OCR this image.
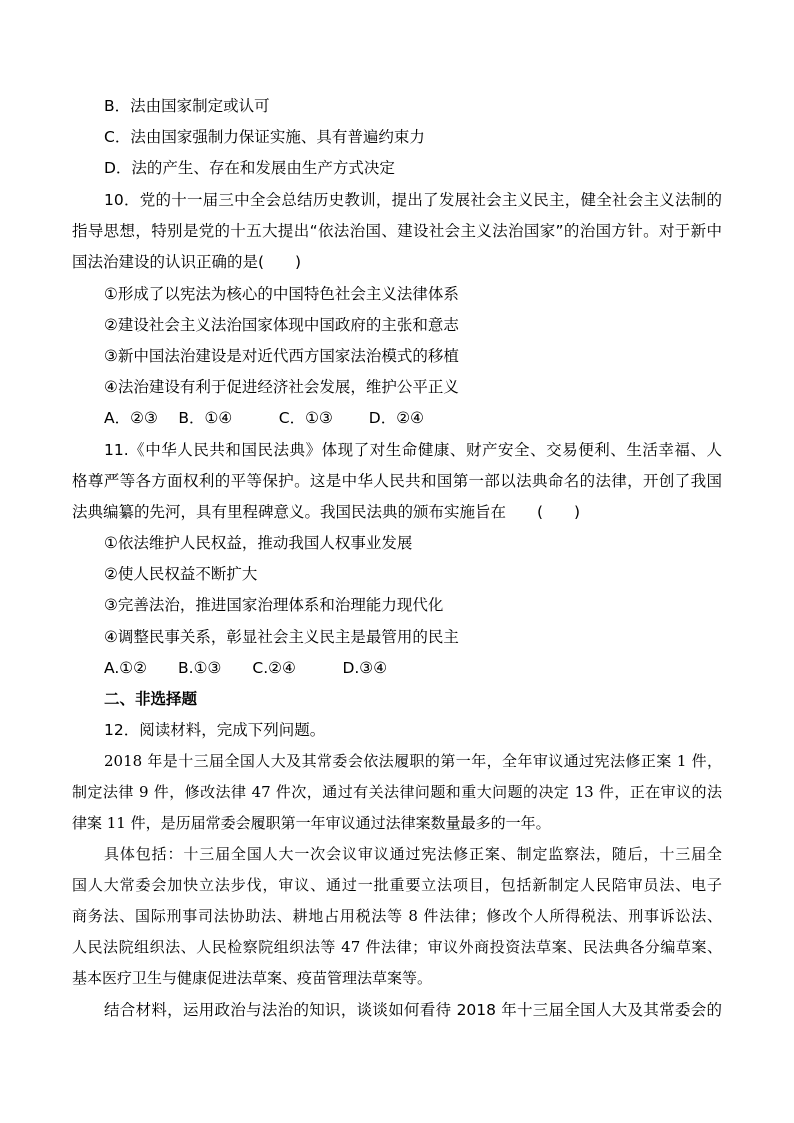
B．法由国家制定或认可
C．法由国家强制力保证实施、具有普遍约束力
D．法的产生、存在和发展由生产方式决定
10．党的十一届三中全会总结历史教训，提出了发展社会主义民主，健全社会主义法制的
指导思想，特别是党的十五大提出“依法治国、建设社会主义法治国家”的治国方针。对于新中
国法治建设的认识正确的是(　　)
①形成了以宪法为核心的中国特色社会主义法律体系
②建设社会主义法治国家体现中国政府的主张和意志
③新中国法治建设是对近代西方国家法治模式的移植
④法治建设有利于促进经济社会发展，维护公平正义
A．②③　 B．①④　　　C．①③　　 D．②④
11.《中华人民共和国民法典》体现了对生命健康、财产安全、交易便利、生活幸福、人
格尊严等各方面权利的平等保护。这是中华人民共和国第一部以法典命名的法律，开创了我国
法典编纂的先河，具有里程碑意义。我国民法典的颁布实施旨在　　(　　)
①依法维护人民权益，推动我国人权事业发展
②使人民权益不断扩大
③完善法治，推进国家治理体系和治理能力现代化
④调整民事关系，彰显社会主义民主是最管用的民主
A.①②　　B.①③　　C.②④　　　D.③④
二、非选择题
12．阅读材料，完成下列问题。
2018 年是十三届全国人大及其常委会依法履职的第一年，全年审议通过宪法修正案 1 件，
制定法律 9 件，修改法律 47 件次，通过有关法律问题和重大问题的决定 13 件，正在审议的法
律案 11 件，是历届常委会履职第一年审议通过法律案数量最多的一年。
具体包括：十三届全国人大一次会议审议通过宪法修正案、制定监察法，随后，十三届全
国人大常委会加快立法步伐，审议、通过一批重要立法项目，包括新制定人民陪审员法、电子
商务法、国际刑事司法协助法、耕地占用税法等 8 件法律；修改个人所得税法、刑事诉讼法、
人民法院组织法、人民检察院组织法等 47 件法律；审议外商投资法草案、民法典各分编草案、
基本医疗卫生与健康促进法草案、疫苗管理法草案等。
结合材料，运用政治与法治的知识，谈谈如何看待 2018 年十三届全国人大及其常委会的
